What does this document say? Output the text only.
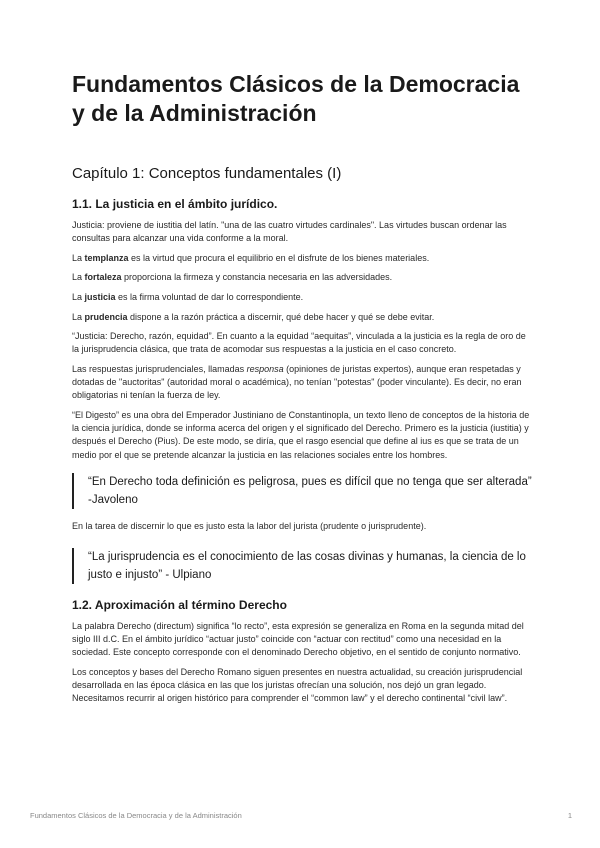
Fundamentos Clásicos de la Democracia y de la Administración
Capítulo 1: Conceptos fundamentales (I)
1.1. La justicia en el ámbito jurídico.

Justicia: proviene de iustitia del latín. "una de las cuatro virtudes cardinales". Las virtudes buscan ordenar las consultas para alcanzar una vida conforme a la moral.

La templanza es la virtud que procura el equilibrio en el disfrute de los bienes materiales.

La fortaleza proporciona la firmeza y constancia necesaria en las adversidades.

La justicia es la firma voluntad de dar lo correspondiente.

La prudencia dispone a la razón práctica a discernir, qué debe hacer y qué se debe evitar.

“Justicia: Derecho, razón, equidad”. En cuanto a la equidad “aequitas”, vinculada a la justicia es la regla de oro de la jurisprudencia clásica, que trata de acomodar sus respuestas a la justicia en el caso concreto.

Las respuestas jurisprudenciales, llamadas responsa (opiniones de juristas expertos), aunque eran respetadas y dotadas de "auctoritas" (autoridad moral o académica), no tenían "potestas" (poder vinculante). Es decir, no eran obligatorias ni tenían la fuerza de ley.

“El Digesto” es una obra del Emperador Justiniano de Constantinopla, un texto lleno de conceptos de la historia de la ciencia jurídica, donde se informa acerca del origen y el significado del Derecho. Primero es la justicia (iustitia) y después el Derecho (Pius). De este modo, se diría, que el rasgo esencial que define al ius es que se trata de un medio por el que se pretende alcanzar la justicia en las relaciones sociales entre los hombres.

“En Derecho toda definición es peligrosa, pues es difícil que no tenga que ser alterada” -Javoleno

En la tarea de discernir lo que es justo esta la labor del jurista (prudente o jurisprudente).

“La jurisprudencia es el conocimiento de las cosas divinas y humanas, la ciencia de lo justo e injusto” - Ulpiano
1.2. Aproximación al término Derecho

La palabra Derecho (directum) significa “lo recto”, esta expresión se generaliza en Roma en la segunda mitad del siglo III d.C. En el ámbito jurídico “actuar justo” coincide con “actuar con rectitud” como una necesidad en la sociedad. Este concepto corresponde con el denominado Derecho objetivo, en el sentido de conjunto normativo.

Los conceptos y bases del Derecho Romano siguen presentes en nuestra actualidad, su creación jurisprudencial desarrollada en las época clásica en las que los juristas ofrecían una solución, nos dejó un gran legado. Necesitamos recurrir al origen histórico para comprender el “common law” y el derecho continental “civil law”.

Fundamentos Clásicos de la Democracia y de la Administración	1
